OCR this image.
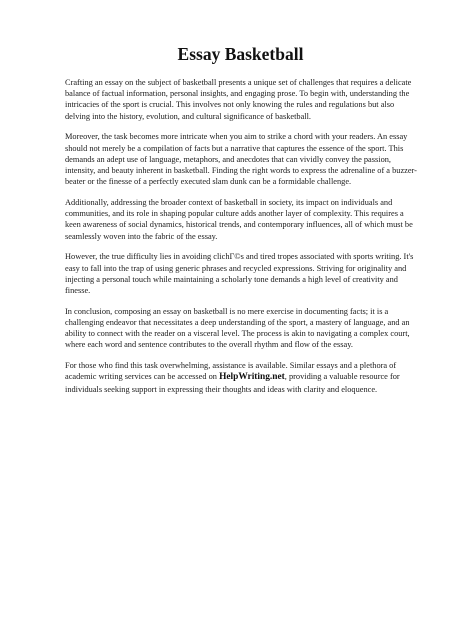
Essay Basketball

Crafting an essay on the subject of basketball presents a unique set of challenges that requires a delicate balance of factual information, personal insights, and engaging prose. To begin with, understanding the intricacies of the sport is crucial. This involves not only knowing the rules and regulations but also delving into the history, evolution, and cultural significance of basketball.

Moreover, the task becomes more intricate when you aim to strike a chord with your readers. An essay should not merely be a compilation of facts but a narrative that captures the essence of the sport. This demands an adept use of language, metaphors, and anecdotes that can vividly convey the passion, intensity, and beauty inherent in basketball. Finding the right words to express the adrenaline of a buzzer-beater or the finesse of a perfectly executed slam dunk can be a formidable challenge.

Additionally, addressing the broader context of basketball in society, its impact on individuals and communities, and its role in shaping popular culture adds another layer of complexity. This requires a keen awareness of social dynamics, historical trends, and contemporary influences, all of which must be seamlessly woven into the fabric of the essay.

However, the true difficulty lies in avoiding clichГ©s and tired tropes associated with sports writing. It's easy to fall into the trap of using generic phrases and recycled expressions. Striving for originality and injecting a personal touch while maintaining a scholarly tone demands a high level of creativity and finesse.

In conclusion, composing an essay on basketball is no mere exercise in documenting facts; it is a challenging endeavor that necessitates a deep understanding of the sport, a mastery of language, and an ability to connect with the reader on a visceral level. The process is akin to navigating a complex court, where each word and sentence contributes to the overall rhythm and flow of the essay.

For those who find this task overwhelming, assistance is available. Similar essays and a plethora of academic writing services can be accessed on HelpWriting.net, providing a valuable resource for individuals seeking support in expressing their thoughts and ideas with clarity and eloquence.
